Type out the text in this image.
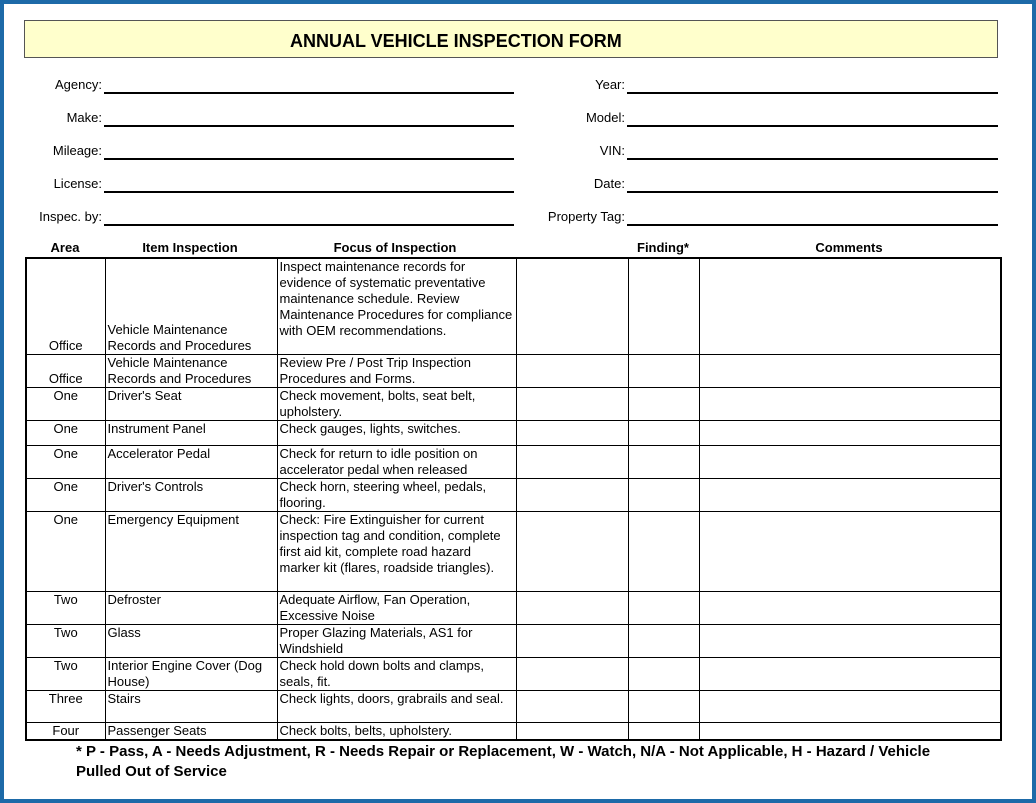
ANNUAL VEHICLE INSPECTION FORM
Agency:
Make:
Mileage:
License:
Inspec. by:
Year:
Model:
VIN:
Date:
Property Tag:
Area	Item Inspection	Focus of Inspection	Finding*	Comments
Office	Vehicle Maintenance Records and Procedures	Inspect maintenance records for evidence of systematic preventative maintenance schedule. Review Maintenance Procedures for compliance with OEM recommendations.			
Office	Vehicle Maintenance Records and Procedures	Review Pre / Post Trip Inspection Procedures and Forms.			
One	Driver's Seat	Check movement, bolts, seat belt, upholstery.			
One	Instrument Panel	Check gauges, lights, switches.			
One	Accelerator Pedal	Check for return to idle position on accelerator pedal when released			
One	Driver's Controls	Check horn, steering wheel, pedals, flooring.			
One	Emergency Equipment	Check: Fire Extinguisher for current inspection tag and condition, complete first aid kit, complete road hazard marker kit (flares, roadside triangles).			
Two	Defroster	Adequate Airflow, Fan Operation, Excessive Noise			
Two	Glass	Proper Glazing Materials, AS1 for Windshield			
Two	Interior Engine Cover (Dog House)	Check hold down bolts and clamps, seals, fit.			
Three	Stairs	Check lights, doors, grabrails and seal.			
Four	Passenger Seats	Check bolts, belts, upholstery.			
* P - Pass, A - Needs Adjustment, R - Needs Repair or Replacement, W - Watch, N/A - Not Applicable, H - Hazard / Vehicle Pulled Out of Service
